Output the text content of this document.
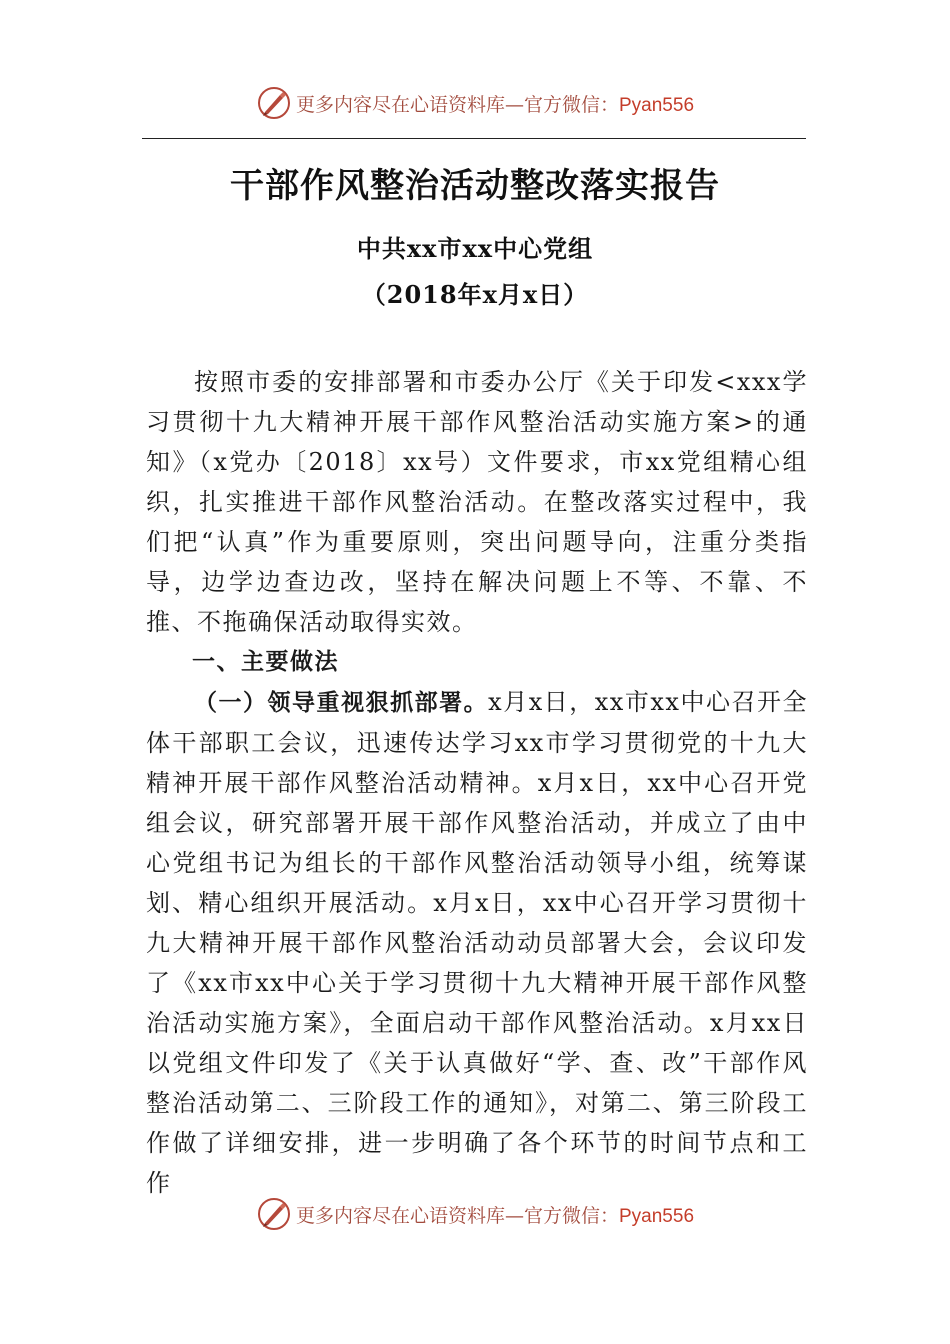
更多内容尽在心语资料库—官方微信：Pyan556
干部作风整治活动整改落实报告
中共xx市xx中心党组
（2018年x月x日）

按照市委的安排部署和市委办公厅《关于印发<xxx学习贯彻十九大精神开展干部作风整治活动实施方案>的通知》（x党办〔2018〕xx号）文件要求，市xx党组精心组织，扎实推进干部作风整治活动。在整改落实过程中，我们把“认真”作为重要原则，突出问题导向，注重分类指导，边学边查边改，坚持在解决问题上不等、不靠、不推、不拖确保活动取得实效。

一、主要做法

（一）领导重视狠抓部署。x月x日，xx市xx中心召开全体干部职工会议，迅速传达学习xx市学习贯彻党的十九大精神开展干部作风整治活动精神。x月x日，xx中心召开党组会议，研究部署开展干部作风整治活动，并成立了由中心党组书记为组长的干部作风整治活动领导小组，统筹谋划、精心组织开展活动。x月x日，xx中心召开学习贯彻十九大精神开展干部作风整治活动动员部署大会，会议印发了《xx市xx中心关于学习贯彻十九大精神开展干部作风整治活动实施方案》，全面启动干部作风整治活动。x月xx日以党组文件印发了《关于认真做好“学、查、改”干部作风整治活动第二、三阶段工作的通知》，对第二、第三阶段工作做了详细安排，进一步明确了各个环节的时间节点和工作

更多内容尽在心语资料库—官方微信：Pyan556
